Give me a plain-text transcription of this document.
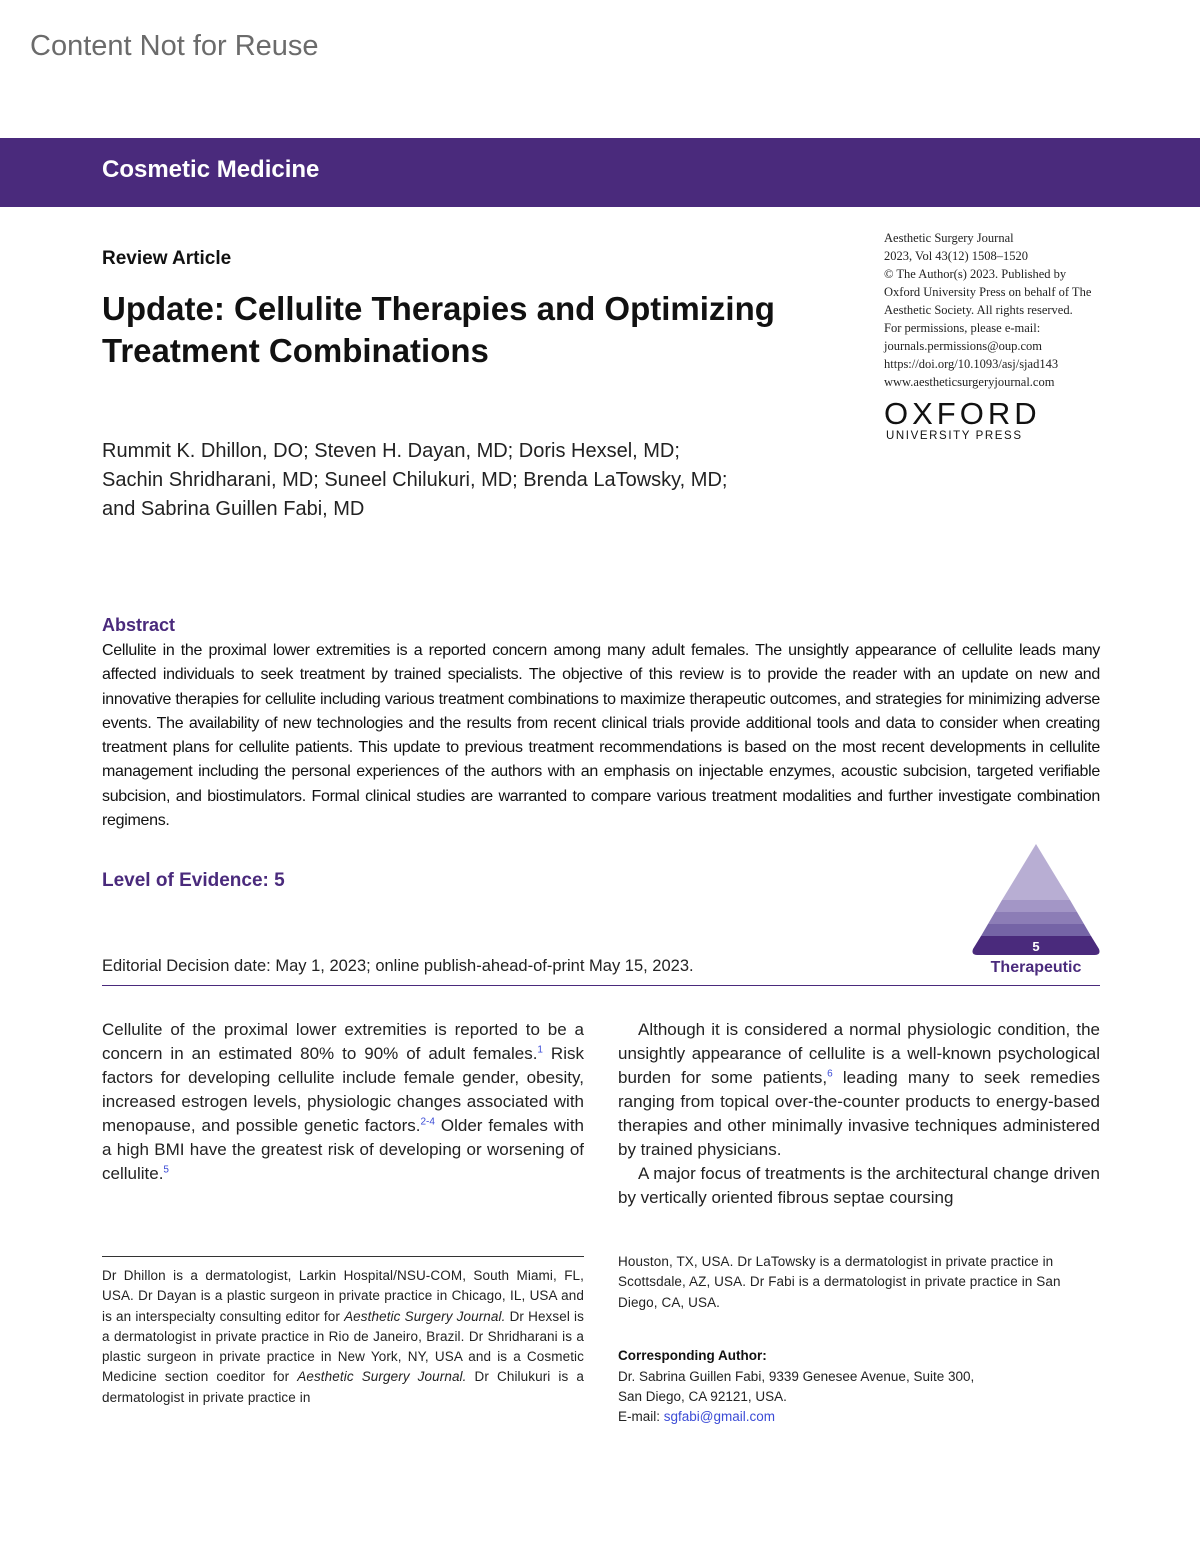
Content Not for Reuse
Cosmetic Medicine
Review Article
Update: Cellulite Therapies and Optimizing Treatment Combinations
Aesthetic Surgery Journal
2023, Vol 43(12) 1508–1520
© The Author(s) 2023. Published by
Oxford University Press on behalf of The
Aesthetic Society. All rights reserved.
For permissions, please e-mail:
journals.permissions@oup.com
https://doi.org/10.1093/asj/sjad143
www.aestheticsurgeryjournal.com
OXFORD
UNIVERSITY PRESS
Rummit K. Dhillon, DO; Steven H. Dayan, MD; Doris Hexsel, MD;
Sachin Shridharani, MD; Suneel Chilukuri, MD; Brenda LaTowsky, MD;
and Sabrina Guillen Fabi, MD
Abstract

Cellulite in the proximal lower extremities is a reported concern among many adult females. The unsightly appearance of cellulite leads many affected individuals to seek treatment by trained specialists. The objective of this review is to provide the reader with an update on new and innovative therapies for cellulite including various treatment combinations to maximize therapeutic outcomes, and strategies for minimizing adverse events. The availability of new technologies and the results from recent clinical trials provide additional tools and data to consider when creating treatment plans for cellulite patients. This update to previous treatment recommendations is based on the most recent developments in cellulite management including the personal experiences of the authors with an emphasis on injectable enzymes, acoustic subcision, targeted verifiable subcision, and biostimulators. Formal clinical studies are warranted to compare various treatment modalities and further investigate combination regimens.

Level of Evidence: 5
5
Therapeutic
Editorial Decision date: May 1, 2023; online publish-ahead-of-print May 15, 2023.

Cellulite of the proximal lower extremities is reported to be a concern in an estimated 80% to 90% of adult females.$^1$ Risk factors for developing cellulite include female gender, obesity, increased estrogen levels, physiologic changes associated with menopause, and possible genetic factors.$^{2-4}$ Older females with a high BMI have the greatest risk of developing or worsening of cellulite.$^5$

Although it is considered a normal physiologic condition, the unsightly appearance of cellulite is a well-known psychological burden for some patients,$^6$ leading many to seek remedies ranging from topical over-the-counter products to energy-based therapies and other minimally invasive techniques administered by trained physicians.

A major focus of treatments is the architectural change driven by vertically oriented fibrous septae coursing

Dr Dhillon is a dermatologist, Larkin Hospital/NSU-COM, South Miami, FL, USA. Dr Dayan is a plastic surgeon in private practice in Chicago, IL, USA and is an interspecialty consulting editor for Aesthetic Surgery Journal. Dr Hexsel is a dermatologist in private practice in Rio de Janeiro, Brazil. Dr Shridharani is a plastic surgeon in private practice in New York, NY, USA and is a Cosmetic Medicine section coeditor for Aesthetic Surgery Journal. Dr Chilukuri is a dermatologist in private practice in

Houston, TX, USA. Dr LaTowsky is a dermatologist in private practice in Scottsdale, AZ, USA. Dr Fabi is a dermatologist in private practice in San Diego, CA, USA.

Corresponding Author:
Dr. Sabrina Guillen Fabi, 9339 Genesee Avenue, Suite 300,
San Diego, CA 92121, USA.
E-mail: sgfabi@gmail.com
